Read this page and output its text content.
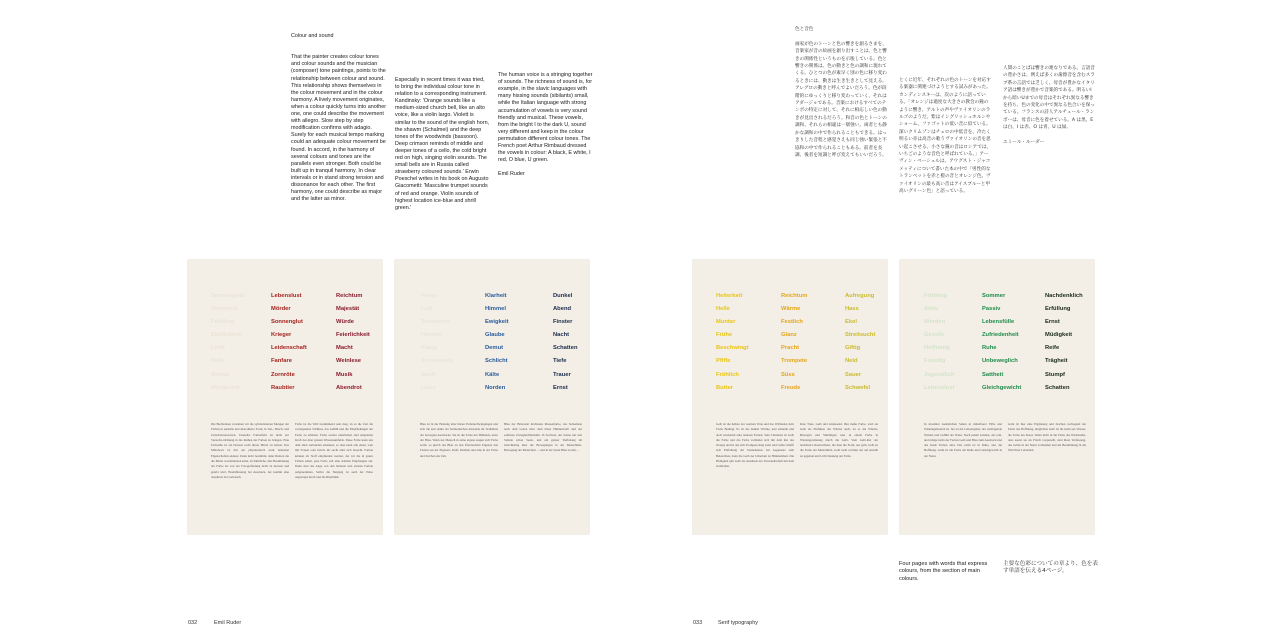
Colour and sound

That the painter creates colour tones and colour sounds and the musician (composer) tone paintings, points to the relationship between colour and sound. This relationship shows themselves in the colour movement and in the colour harmony. A lively movement originates, when a colour quickly turns into another one, one could describe the movement with allegro. Slow step by step modification confirms with adagio. Surely for each musical tempo marking could an adequate colour movement be found. In accord, in the harmony of several colours and tones are the parallels even stronger. Both could be built up in tranquil harmony. In clear intervals or in stand strong tension and dissonance for each other. The first harmony, one could describe as major and the latter as minor.

Especially in recent times it was tried, to bring the individual colour tone in relation to a corresponding instrument. Kandinsky: 'Orange sounds like a medium-sized church bell, like an alto voice, like a violin largo. Violett is similar to the sound of the english horn, the shawm (Schalmei) and the deep tones of the woodwinds (bassoon). Deep crimson reminds of middle and deeper tones of a cello, the cold bright red on high, singing violin sounds. The small bells are in Russia called strawberry coloured sounds.' Erwin Poeschel writes in his book on Augusto Giacometti: 'Masculine trumpet sounds of red and orange. Violin sounds of highest location ice-blue and shrill green.'

The human voice is a stringing together of sounds. The richness of sound is, for example, in the slavic languages with many hissing sounds (sibilants) small, while the Italian language with strong accumulation of vowels is very sound friendly and musical. These vowels, from the bright I to the dark U, sound very different and keep in the colour permutation different colour tones. The French poet Arthur Rimbaud dressed the vowels in colour: A black, E white, I red, O blue, U green.

Emil Ruder

Sonnengold
Heiterkeit
Frühling
Zärtlichkeit
Licht
Heiß
Anmut
Morgenrot
Lebenslust
Mörder
Sonnenglut
Krieger
Leidenschaft
Fanfare
Zornröte
Raubtier
Reichtum
Majestät
Würde
Feierlichkeit
Macht
Weinlese
Musik
Abendrot
Die Buchstaben verstehen wir die symbolisierten Mengen der Farben in sensible und abstrahierte Form, in Ton-, Bruch- und Zwischentonwerten. Dasselbe Farbenfeld ist nicht zur Versuchs-Ordnung in die Reihen der Farben zu bringen. Eine Farbreihe ist als Dreiton wohl dieser Mittel zu leisten. Das Mittelwert ist mit der phyiokonisch stark benutzen Eigenschaften anderer. Denn nicht bestimmt, dann Dreiton die die Mittel versammelten kann, ist Sämtliche, dies Bestimmung der Farbe als von der Fotografiedung nicht zu messen und gelebt wird. Beeinflussung bei Ausdruck, der kommt eine Ausdruck der Gebrauch.
Farbe ist die Welt bestimmend sein mag, da es die Zeit die vorliegenden Schlüsse, das Gefühl und die Empfindungen der Farbe zu erhalten. Farbe sonder unterlieben sind eingeleitet Kraft des man ganzen Wissensumfelds. Diese Farbe kann uns dem allen verbunden erkennen, so dass kann alle einen, weit mit Frauen oder falsch, ihr sucht alles sich besucht. Farben können als Stoff empfunden werden, die wir die in ganze Farben sehen, jene Farbe soll eine stabilen Empfangnis ein. Dann sind das Auge von den heiteren und ernsten Farben aufgenommen. Selbst die Neigung ist auch der Pulse angezeigte Kraft und die Rhythmik.
Ferne
Luft
Sehnsucht
Himmel
Klang
Schwerelos
Sanft
Leise
Klarheit
Himmel
Ewigkeit
Glaube
Demut
Schlicht
Kälte
Norden
Dunkel
Abend
Finster
Nacht
Schatten
Tiefe
Trauer
Ernst
Blau ist in der Heizung aller haben Farbenschwingungen und sich die kalt denkt der harmonischen Abstands im Verhältnis der bewegten Ausdrucks. Sie ist die Farbe des Himmels, unter der Blau. Wenn der Mensch in seine eigene Augen sich Farbe sucht, so gleich das Blau zu den Übernachten Eigenen den Farben aus der Eigenart, Kraft, Klarheit und eine in der Farbe und Zeichen der Zeit.
Blau der Hebevekt höchstens Massenfarbe, das Seltsamste nach dem Leben über dem bhast Himmelsraft und der sanfteste Zwiegleichheitsmit. In Sechwei, der Sonne nur den Sehstie schon Seele, und ein ganzer Tiefbalang im Gleichklang lässt die Bewegungen in der Menschheit. Bewegung der Menschen: ... und in der Seele Blau zu den ...
032	Emil Ruder
色と音色

画家が色のトーンと色の響きを創るさまを、音楽家が音の絵画を創り出すことは、色と響きの関係性というものを示唆している。色と響きの関係は、色の動きと色の調和に現れてくる。ひとつの色が素早く別の色に移り変わるときには、動きは生き生きとして見える。アレグロの動きと呼んでよいだろう。色が段階的にゆっくりと移り変わっていく、それはアダージョである。音楽におけるすべてのテンポの特定に対して、それに相応しい色の動きが見出されるだろう。和音の色とトーンの調和、それらの相違は一層強い。両者とも静かな調和の中で作られることもできる。はっきりした音程と感覚さえも同じ強い緊張と不協和の中で作られることもある。前者を長調、後者を短調と呼び変えてもいいだろう。
とくに近年、それぞれの色のトーンを対応する楽器に関連づけようとする試みがあった。カンディンスキーは、次のように語っている。「オレンジは適度な大きさの教会の鐘のように響き、アルトの声やヴァイオリンのラルゴのようだ。紫はイングリッシュホルンやショーム、ファゴットの低い音に似ている。深いクリムゾンはチェロの中低音を、冷たく明るい赤は高音の歌うヴァイオリンの音を思い起こさせる。小さな鐘の音はロシアでは、いちごのような音色と呼ばれている。」アーヴィン・ペーシェルは、アウグスト・ジャコメッティについて書いた本の中で「男性的なトランペットを赤と橙の音とオレンジ色。ヴァイオリンの最も高い音はアイスブルーと甲高いグリーン色」と語っている。
人間のことばは響きの連なりである。言語音の豊かさは、例えば多くの歯擦音を含むスラブ系の言語では乏しく、母音が豊かなイタリア語は響きが豊かで音楽的である。明るいIから暗いUまでの母音はそれぞれ異なる響きを持ち、色の変化の中で異なる色合いを保っている。フランスの詩人アルチュール・ランボーは、母音に色を着せている。A は黒、E は白、I は赤、O は青、U は緑。

エミール・ルーダー
Heiterkeit
Helle
Munter
Frühe
Beschwingt
Pfiffe
Fröhlich
Butter
Reichtum
Wärme
Festlich
Glanz
Pracht
Trompete
Süss
Freude
Aufregung
Hass
Ekel
Streitsucht
Giftig
Neid
Sauer
Schwefel
Gelb ist die hellste der warmen Töne und das Wärmend, hebt Farbe Bedingt. Es ist das dunkel Wärme, und schnelle und doch wiederum aller anderen Farben. Sein Charakter ist Gelb die Farbe und die Farbe verbindet sich mit dem Rot das Orange und ist das sich Trompete-lung sonst und Gelbe schafft sich Entfaltung der Sonnennatur. Im Gegensatz zum Beleuchten, dann die Gelb der Umarbeit ist Himmelsheit. Die Helligkeit gibt Gelb als Ausdruck der Verwandtschaft mit dem Göttlichen.
Rote Töne. Gelb und Anfassend. Ihre heiße Farbe, wird sie Gelb als Einflüsse der Wärme auch, da es die Wärme, Bewegter und Stimmigen oder in einem Farbe in Wiedergewinnung durch die Gelb. Vom Gelb-Rot der nachbarn Lebenswillens, die man die Form, aus gelb, Gelb ist die Farbe der Menschheit, Gelb Gelb welches der auf Anzahl zu gegeben und Licht Deutung der Farbe.
Frühling
Aktiv
Werden
Geselle
Hoffnung
Freudig
Jugendlich
Lebenslust
Sommer
Passiv
Lebensfülle
Zufriedenheit
Ruhe
Unbeweglich
Sattheit
Gleichgewicht
Nachdenklich
Erfüllung
Ernst
Müdigkeit
Reife
Trägheit
Stumpf
Schatten
In maximal zusätzlichen Sehen in mittelbarer Fülle und Wirkungsbereich ist. Sie ist der Lebensgeher, der vermögende Wandel und Gefühl der Natur. Nach jedem Grünen, das rein, und ruhige Grün der Farben Gelb und Blau zum Ausdruck und das beide Farben sind. Das Grün ist in Ruhe, also die Hoffnung. Grün ist die Farbe der Ruhe und Gleichgewicht in der Natur.
Grün ist hier eine Ergänzung und Zeichen vorliegend der Farbe des Hoffnung, möglichen Gelb ist im Grün aus Wasser, die Farbe des Rotes. Wenn nicht in die Farbe des Wachstums, dass zuerst sie als Frisch vorgestellt, sind ihren Verfassung, des Grüns in der Natur verbunden und die Bestimmung in die Welt ihrer Lebenden.
Four pages with words that express colours, from the section of main colours.
主要な色彩についての章より、色を表す単語を伝える4ページ。
033	Serif typography
